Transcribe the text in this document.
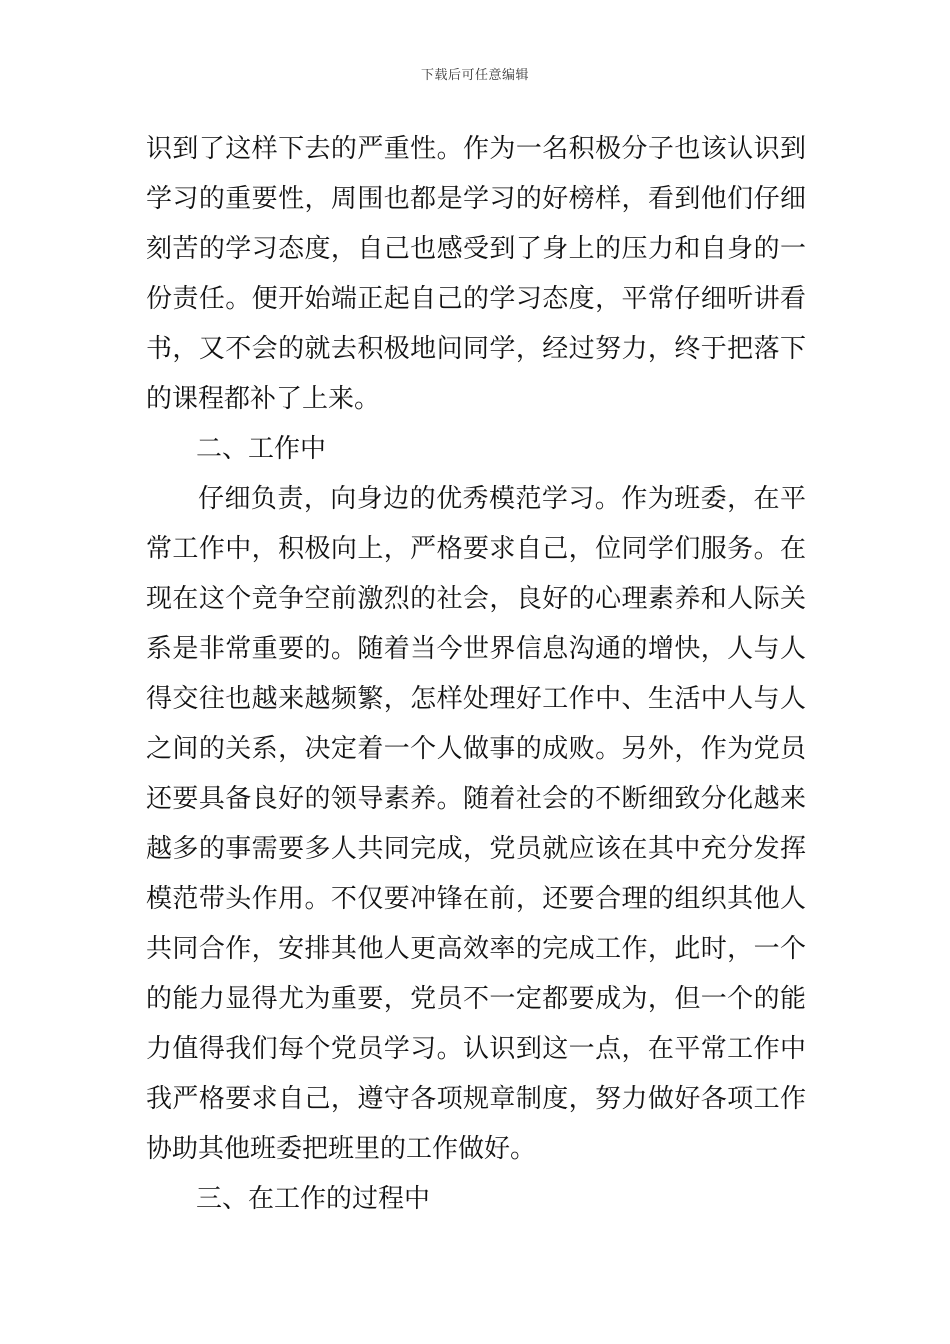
下载后可任意编辑
识到了这样下去的严重性。作为一名积极分子也该认识到
学习的重要性，周围也都是学习的好榜样，看到他们仔细
刻苦的学习态度，自己也感受到了身上的压力和自身的一
份责任。便开始端正起自己的学习态度，平常仔细听讲看
书，又不会的就去积极地问同学，经过努力，终于把落下
的课程都补了上来。
二、工作中
仔细负责，向身边的优秀模范学习。作为班委，在平
常工作中，积极向上，严格要求自己，位同学们服务。在
现在这个竞争空前激烈的社会，良好的心理素养和人际关
系是非常重要的。随着当今世界信息沟通的增快，人与人
得交往也越来越频繁，怎样处理好工作中、生活中人与人
之间的关系，决定着一个人做事的成败。另外，作为党员
还要具备良好的领导素养。随着社会的不断细致分化越来
越多的事需要多人共同完成，党员就应该在其中充分发挥
模范带头作用。不仅要冲锋在前，还要合理的组织其他人
共同合作，安排其他人更高效率的完成工作，此时，一个
的能力显得尤为重要，党员不一定都要成为，但一个的能
力值得我们每个党员学习。认识到这一点，在平常工作中
我严格要求自己，遵守各项规章制度，努力做好各项工作
协助其他班委把班里的工作做好。
三、在工作的过程中
